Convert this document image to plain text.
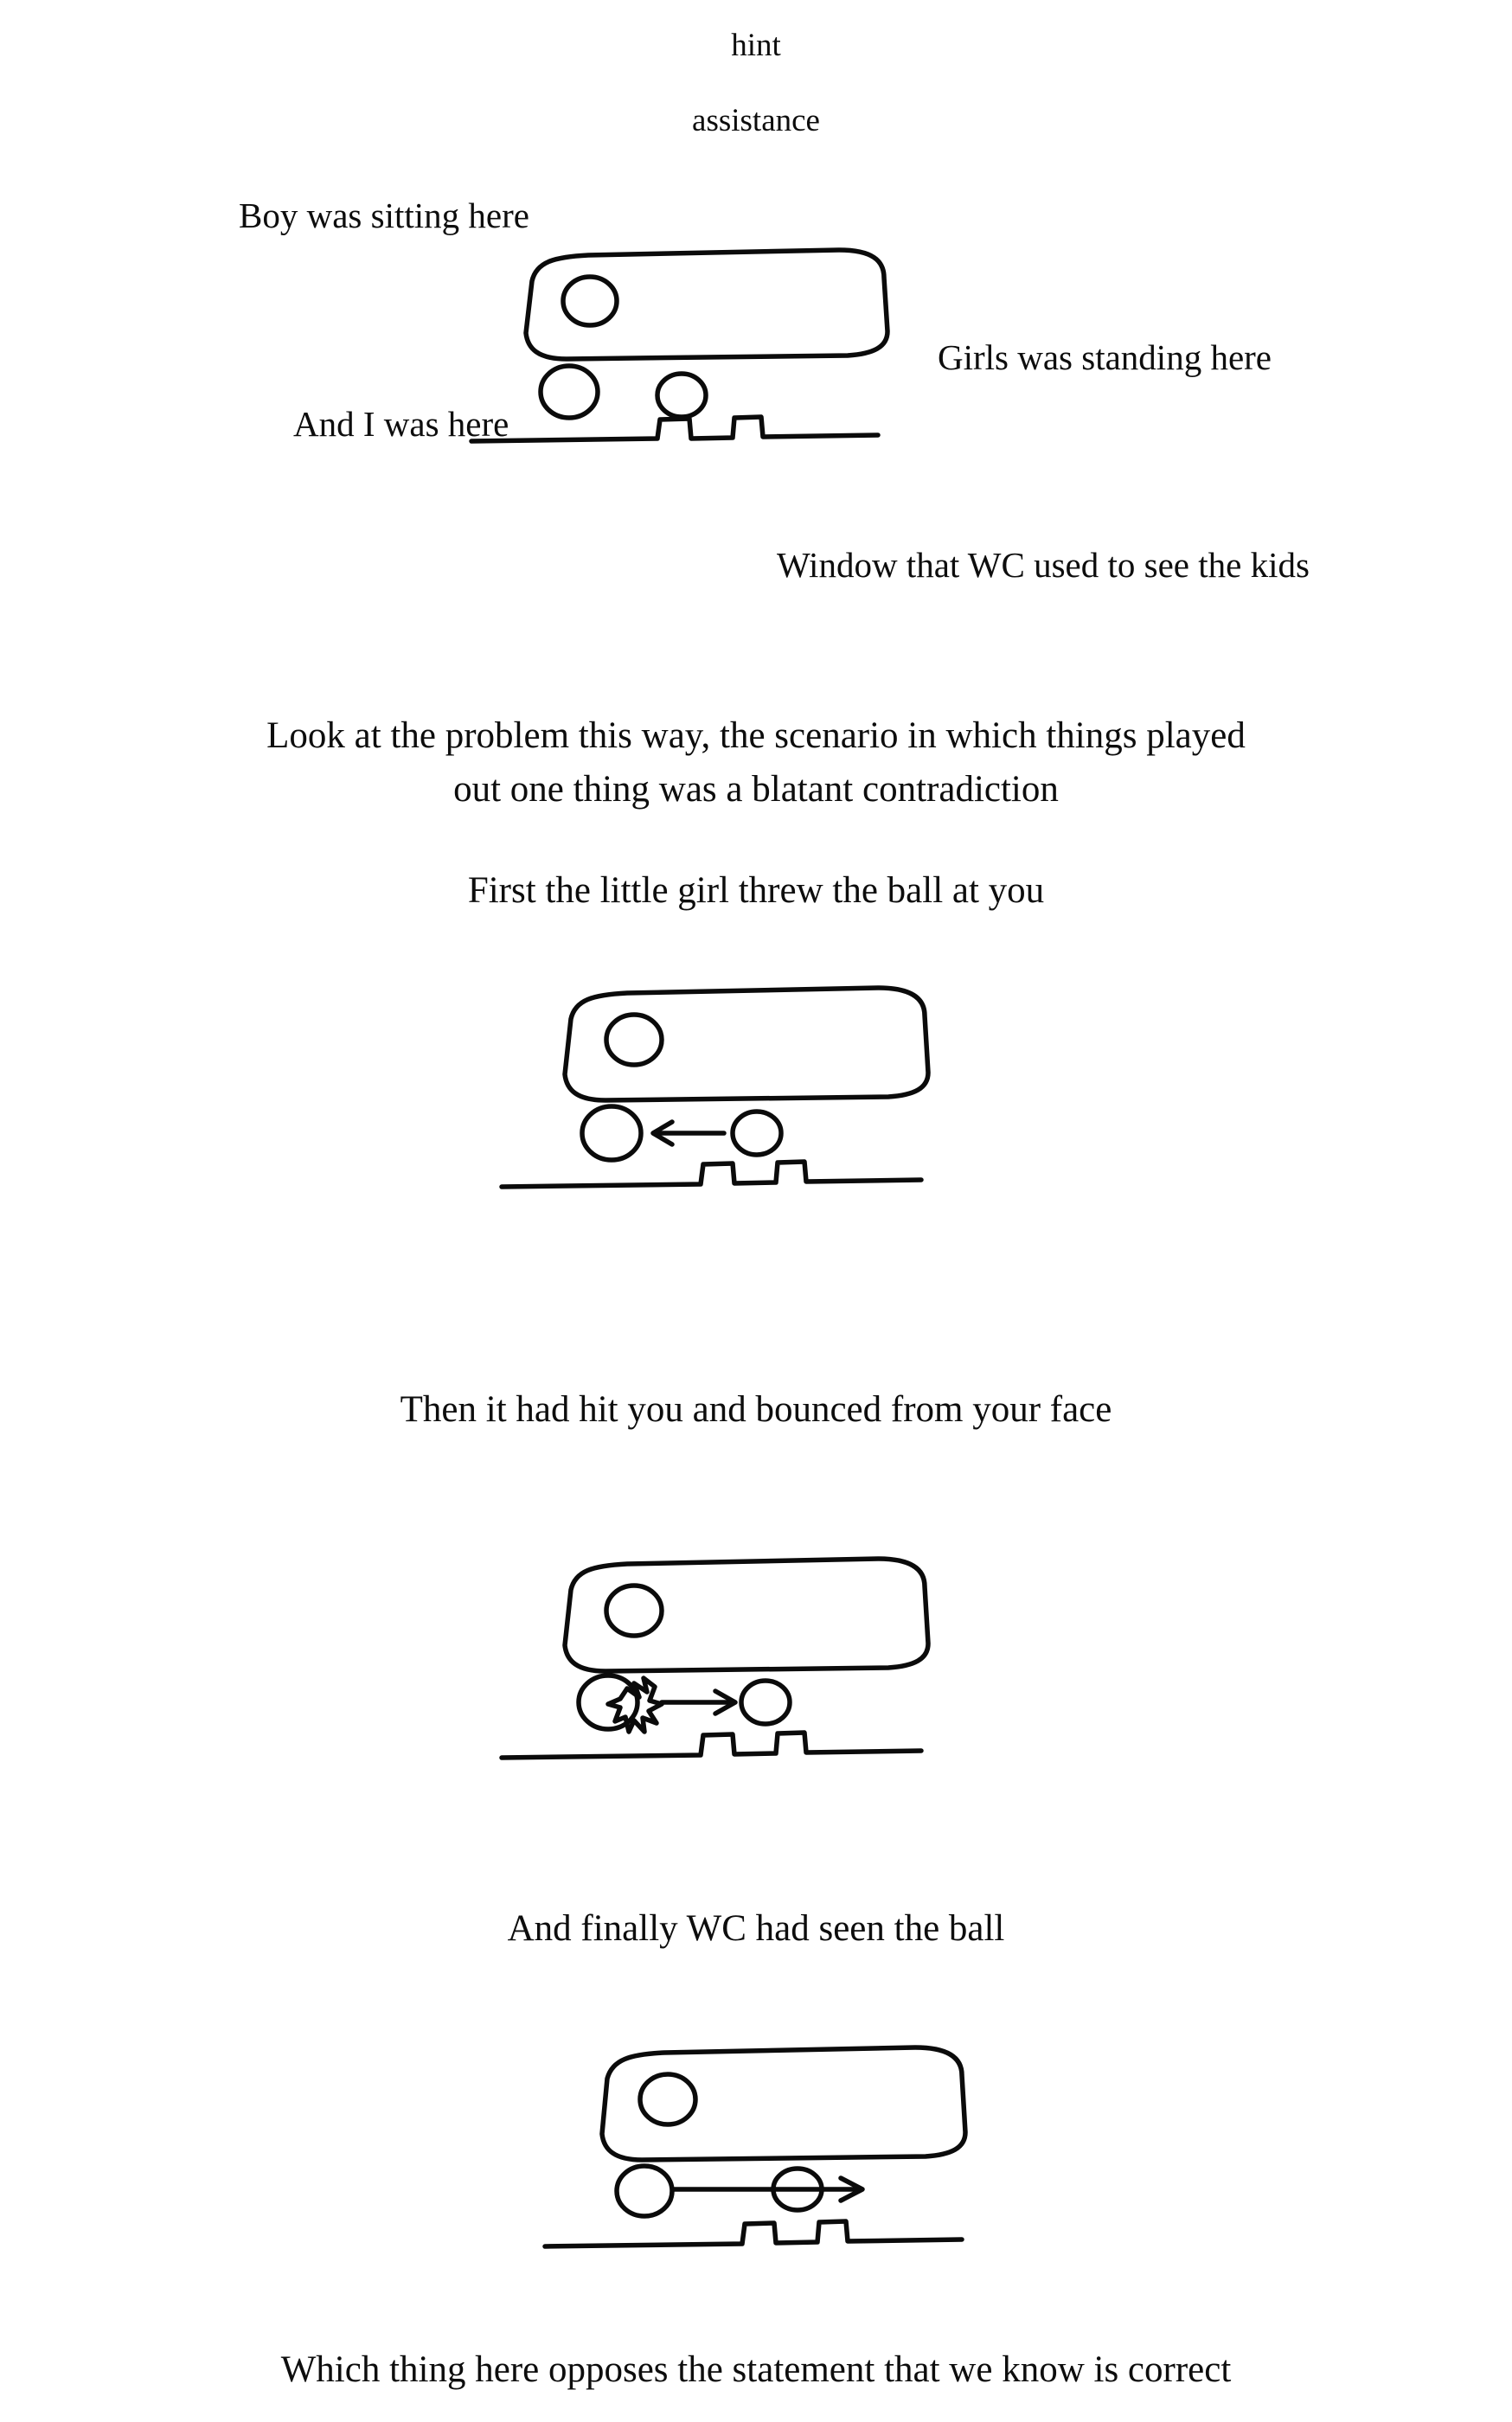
hint
assistance
Boy was sitting here
Girls was standing here
And I was here
Window that WC used to see the kids
Look at the problem this way, the scenario in which things played
out one thing was a blatant contradiction
First the little girl threw the ball at you
Then it had hit you and bounced from your face
And finally WC had seen the ball
Which thing here opposes the statement that we know is correct
